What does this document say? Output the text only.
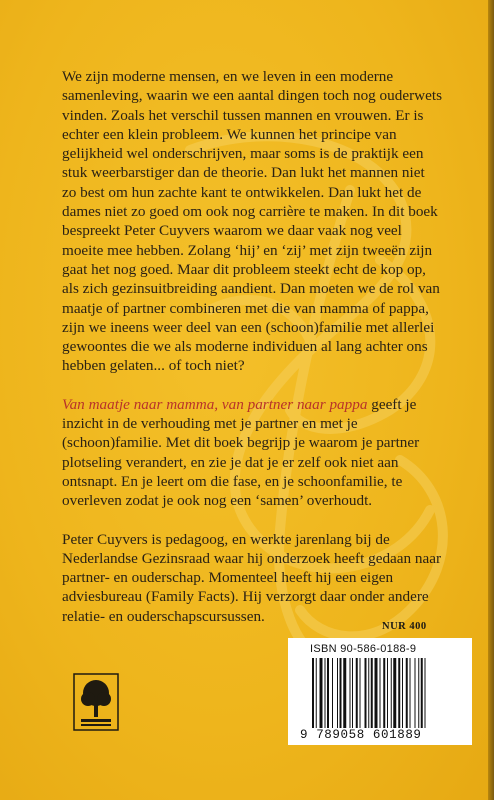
We zijn moderne mensen, en we leven in een moderne samenleving, waarin we een aantal dingen toch nog ouderwets vinden. Zoals het verschil tussen mannen en vrouwen. Er is echter een klein probleem. We kunnen het principe van gelijkheid wel onderschrijven, maar soms is de praktijk een stuk weerbarstiger dan de theorie. Dan lukt het mannen niet zo best om hun zachte kant te ontwikkelen. Dan lukt het de dames niet zo goed om ook nog carrière te maken. In dit boek bespreekt Peter Cuyvers waarom we daar vaak nog veel moeite mee hebben. Zolang ‘hij’ en ‘zij’ met zijn tweeën zijn gaat het nog goed. Maar dit probleem steekt echt de kop op, als zich gezinsuitbreiding aandient. Dan moeten we de rol van maatje of partner combineren met die van mamma of pappa, zijn we ineens weer deel van een (schoon)familie met allerlei gewoontes die we als moderne individuen al lang achter ons hebben gelaten... of toch niet?

Van maatje naar mamma, van partner naar pappa geeft je inzicht in de verhouding met je partner en met je (schoon)familie. Met dit boek begrijp je waarom je partner plotseling verandert, en zie je dat je er zelf ook niet aan ontsnapt. En je leert om die fase, en je schoonfamilie, te overleven zodat je ook nog een ‘samen’ overhoudt.

Peter Cuyvers is pedagoog, en werkte jarenlang bij de Nederlandse Gezinsraad waar hij onderzoek heeft gedaan naar partner- en ouderschap. Momenteel heeft hij een eigen adviesbureau (Family Facts). Hij verzorgt daar onder andere relatie- en ouderschapscursussen.

NUR 400
ISBN 90-586-0188-9
9 789058 601889
